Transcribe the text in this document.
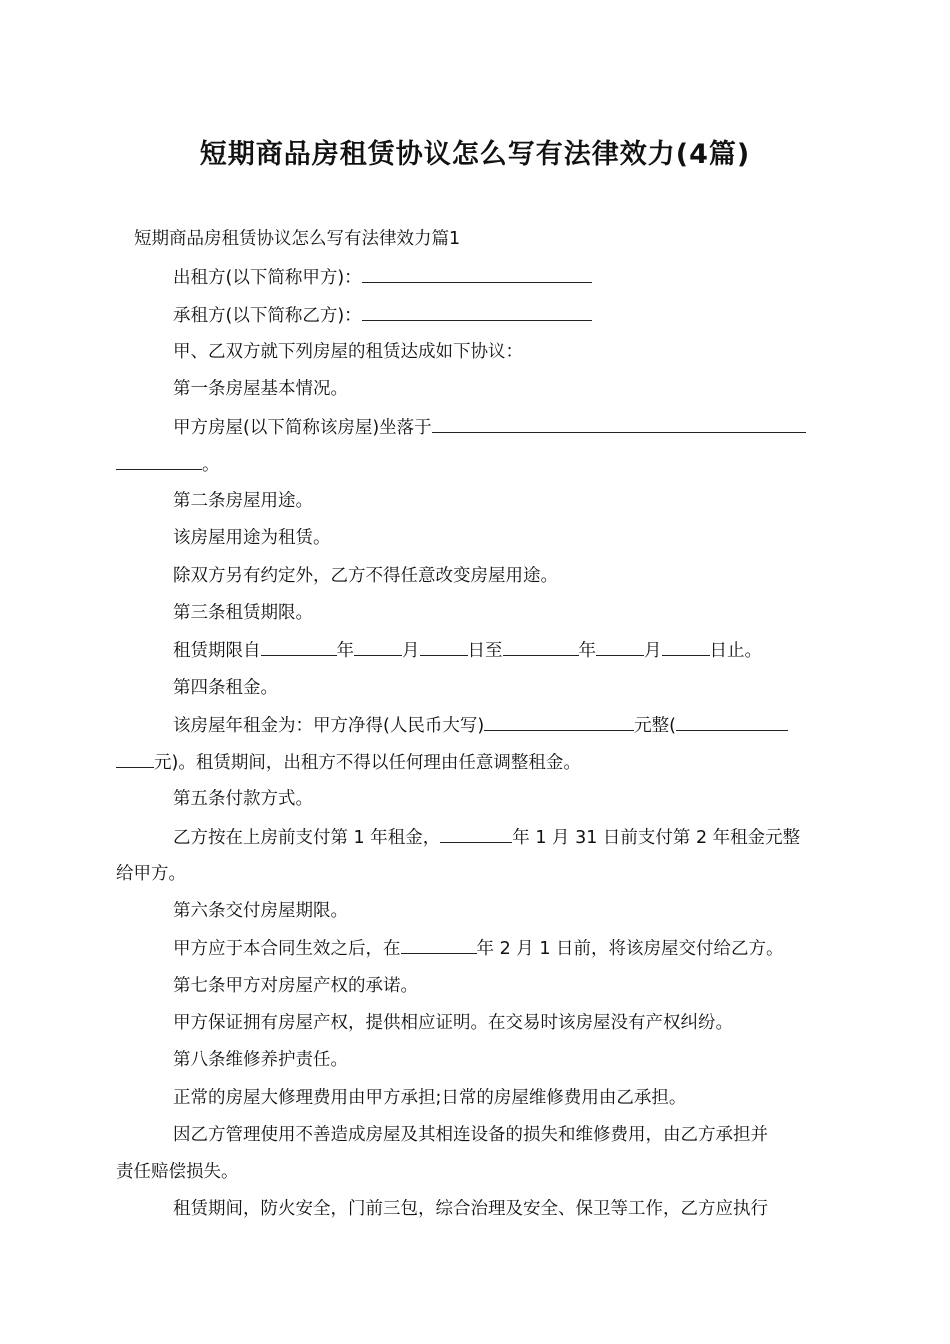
短期商品房租赁协议怎么写有法律效力(4篇)
短期商品房租赁协议怎么写有法律效力篇1
出租方(以下简称甲方)：
承租方(以下简称乙方)：
甲、乙双方就下列房屋的租赁达成如下协议：
第一条房屋基本情况。
甲方房屋(以下简称该房屋)坐落于
。
第二条房屋用途。
该房屋用途为租赁。
除双方另有约定外，乙方不得任意改变房屋用途。
第三条租赁期限。
租赁期限自	年	月	日至	年	月	日止。
第四条租金。
该房屋年租金为：甲方净得(人民币大写)	元整(
元)。租赁期间，出租方不得以任何理由任意调整租金。
第五条付款方式。
乙方按在上房前支付第 1 年租金，	年 1 月 31 日前支付第 2 年租金元整
给甲方。
第六条交付房屋期限。
甲方应于本合同生效之后，在	年 2 月 1 日前，将该房屋交付给乙方。
第七条甲方对房屋产权的承诺。
甲方保证拥有房屋产权，提供相应证明。在交易时该房屋没有产权纠纷。
第八条维修养护责任。
正常的房屋大修理费用由甲方承担;日常的房屋维修费用由乙承担。
因乙方管理使用不善造成房屋及其相连设备的损失和维修费用，由乙方承担并
责任赔偿损失。
租赁期间，防火安全，门前三包，综合治理及安全、保卫等工作，乙方应执行
